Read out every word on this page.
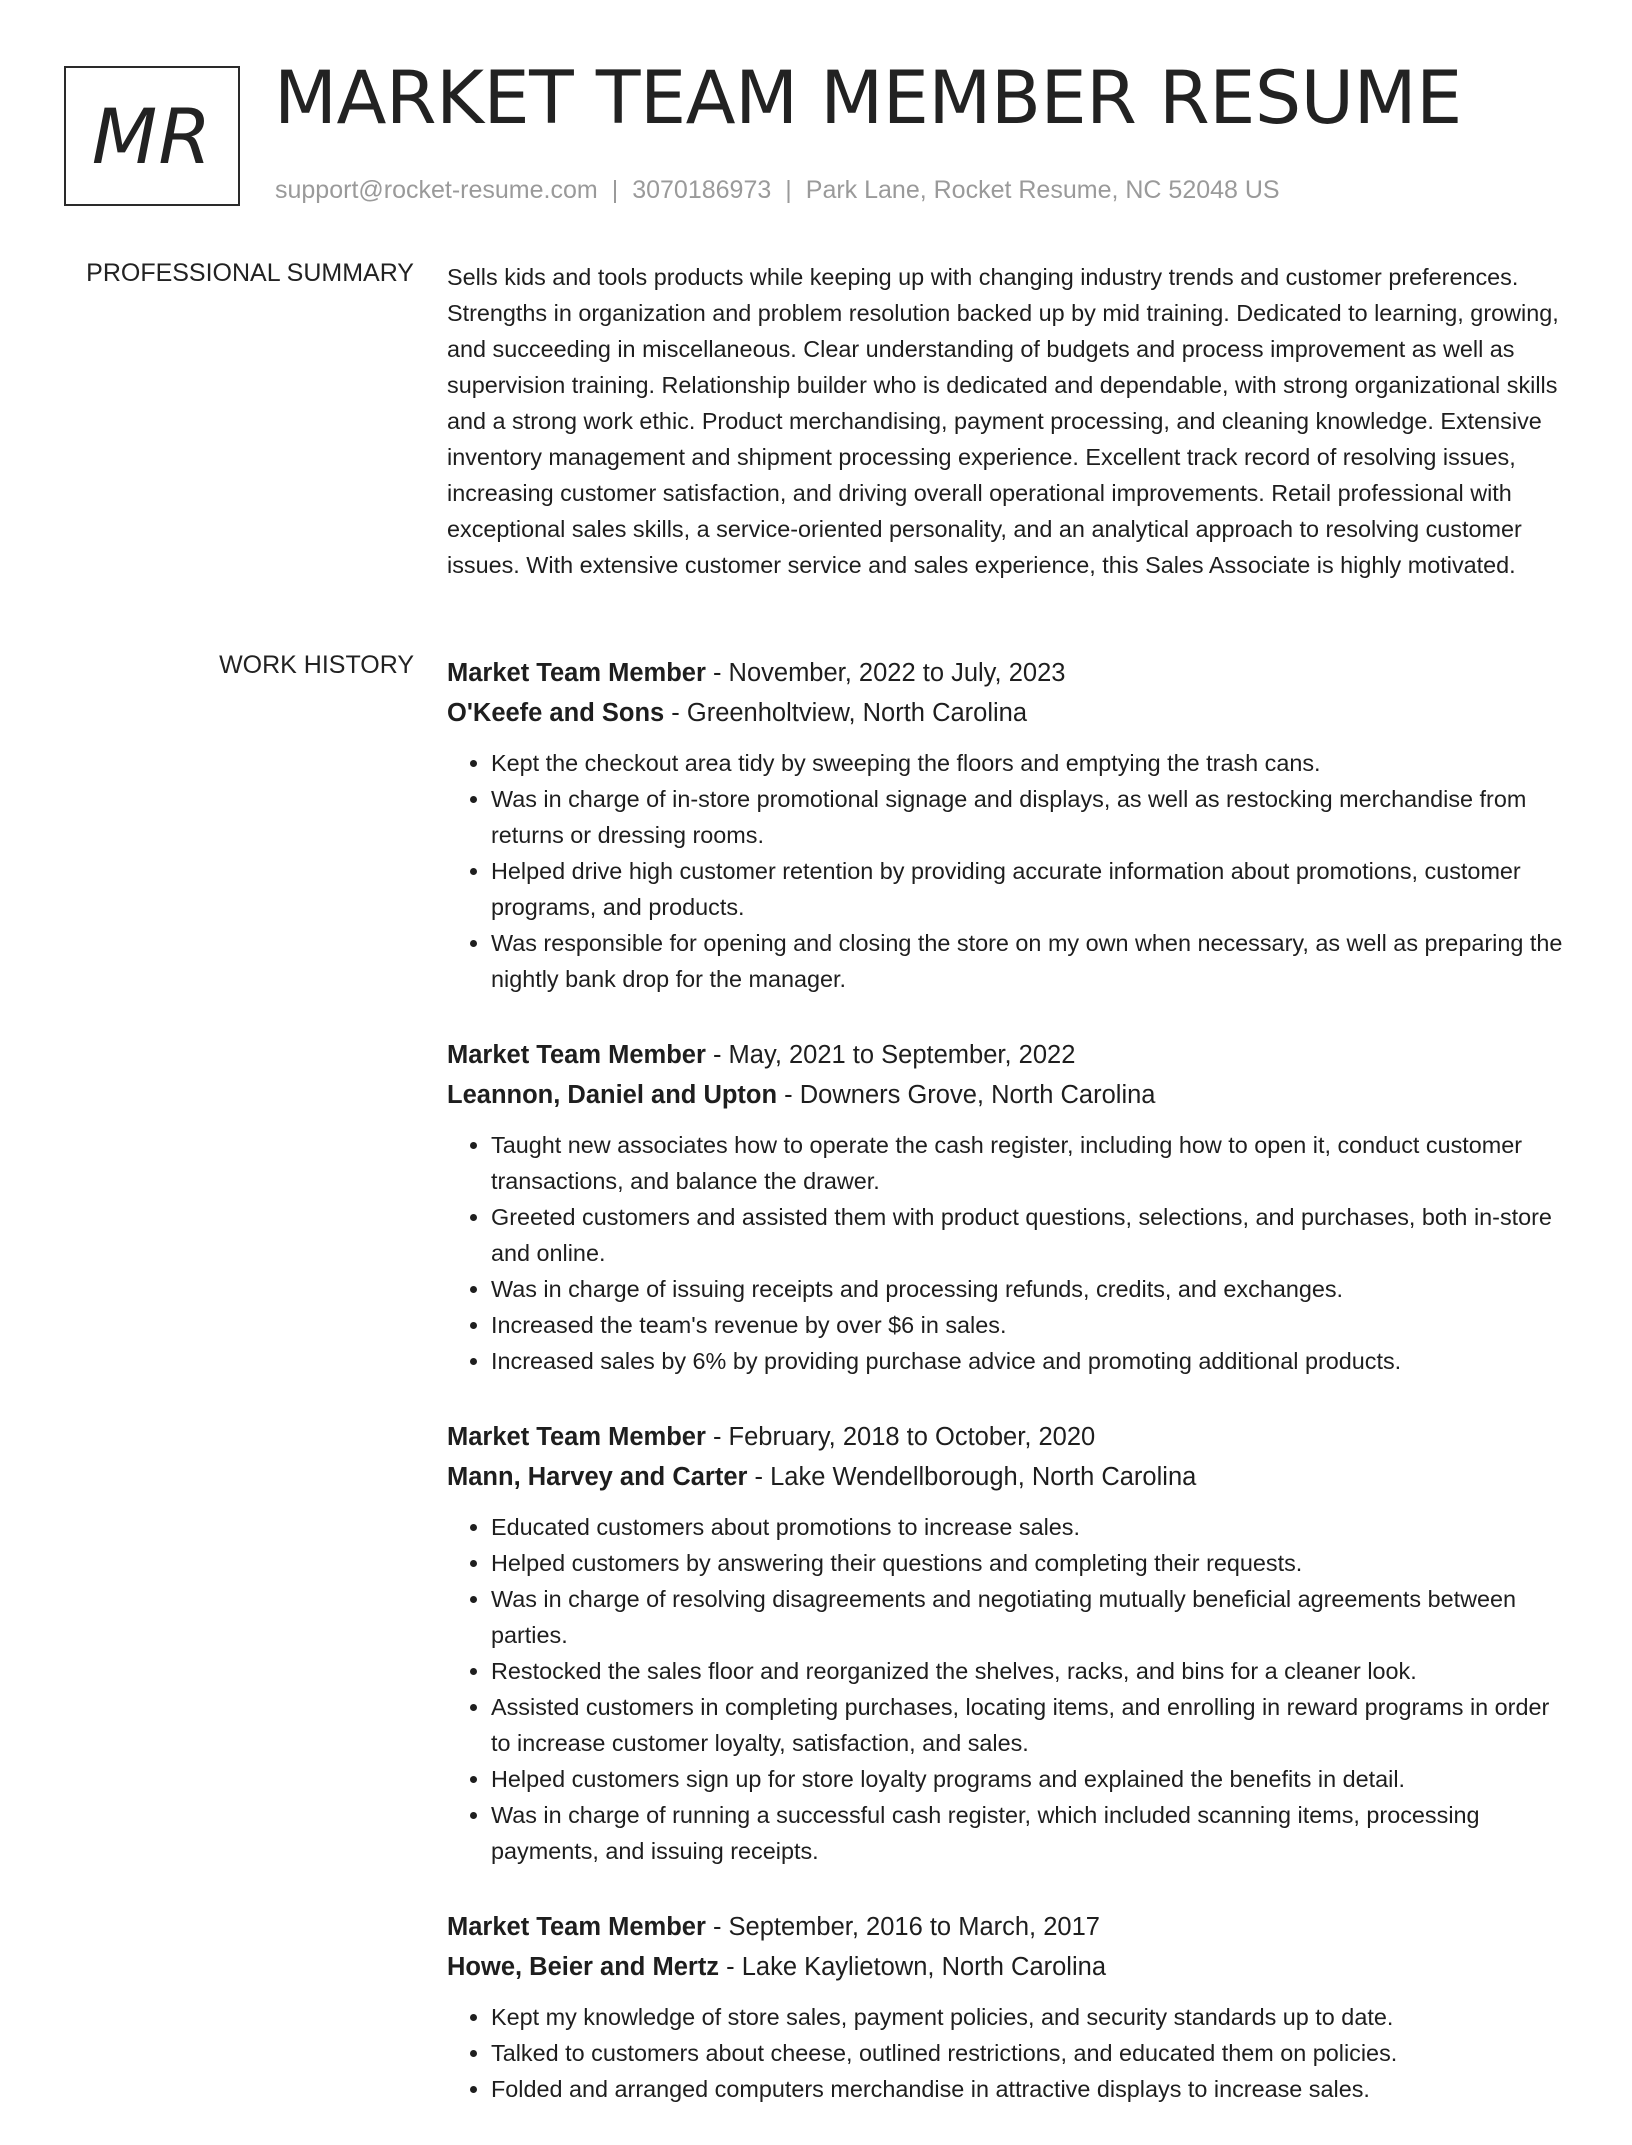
MR MARKET TEAM MEMBER RESUME
support@rocket-resume.com | 3070186973 | Park Lane, Rocket Resume, NC 52048 US
PROFESSIONAL SUMMARY Sells kids and tools products while keeping up with changing industry trends and customer preferences. Strengths in organization and problem resolution backed up by mid training. Dedicated to learning, growing, and succeeding in miscellaneous. Clear understanding of budgets and process improvement as well as supervision training. Relationship builder who is dedicated and dependable, with strong organizational skills and a strong work ethic. Product merchandising, payment processing, and cleaning knowledge. Extensive inventory management and shipment processing experience. Excellent track record of resolving issues, increasing customer satisfaction, and driving overall operational improvements. Retail professional with exceptional sales skills, a service-oriented personality, and an analytical approach to resolving customer issues. With extensive customer service and sales experience, this Sales Associate is highly motivated.

WORK HISTORY Market Team Member - November, 2022 to July, 2023
O'Keefe and Sons - Greenholtview, North Carolina
• Kept the checkout area tidy by sweeping the floors and emptying the trash cans.
• Was in charge of in-store promotional signage and displays, as well as restocking merchandise from returns or dressing rooms.
• Helped drive high customer retention by providing accurate information about promotions, customer programs, and products.
• Was responsible for opening and closing the store on my own when necessary, as well as preparing the nightly bank drop for the manager.
Market Team Member - May, 2021 to September, 2022
Leannon, Daniel and Upton - Downers Grove, North Carolina
• Taught new associates how to operate the cash register, including how to open it, conduct customer transactions, and balance the drawer.
• Greeted customers and assisted them with product questions, selections, and purchases, both in-store and online.
• Was in charge of issuing receipts and processing refunds, credits, and exchanges.
• Increased the team's revenue by over $6 in sales.
• Increased sales by 6% by providing purchase advice and promoting additional products.
Market Team Member - February, 2018 to October, 2020
Mann, Harvey and Carter - Lake Wendellborough, North Carolina
• Educated customers about promotions to increase sales.
• Helped customers by answering their questions and completing their requests.
• Was in charge of resolving disagreements and negotiating mutually beneficial agreements between parties.
• Restocked the sales floor and reorganized the shelves, racks, and bins for a cleaner look.
• Assisted customers in completing purchases, locating items, and enrolling in reward programs in order to increase customer loyalty, satisfaction, and sales.
• Helped customers sign up for store loyalty programs and explained the benefits in detail.
• Was in charge of running a successful cash register, which included scanning items, processing payments, and issuing receipts.
Market Team Member - September, 2016 to March, 2017
Howe, Beier and Mertz - Lake Kaylietown, North Carolina
• Kept my knowledge of store sales, payment policies, and security standards up to date.
• Talked to customers about cheese, outlined restrictions, and educated them on policies.
• Folded and arranged computers merchandise in attractive displays to increase sales.
